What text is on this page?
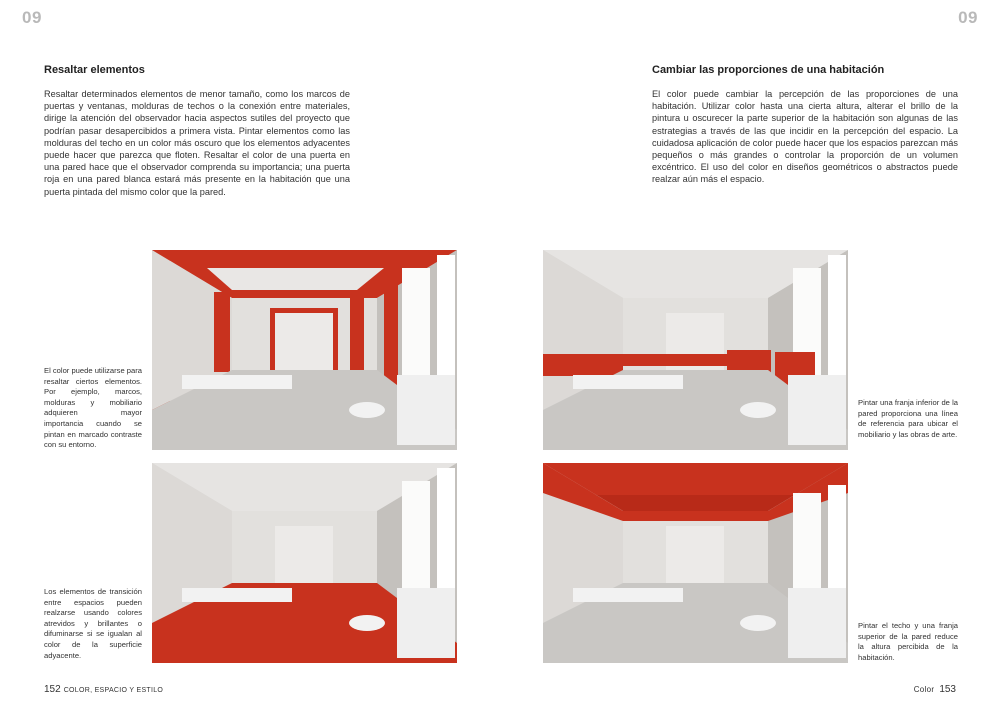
09	09
Resaltar elementos
Resaltar determinados elementos de menor tamaño, como los marcos de puertas y ventanas, molduras de techos o la conexión entre materiales, dirige la atención del observador hacia aspectos sutiles del proyecto que podrían pasar desapercibidos a primera vista. Pintar elementos como las molduras del techo en un color más oscuro que los elementos adyacentes puede hacer que parezca que floten. Resaltar el color de una puerta en una pared hace que el observador comprenda su importancia; una puerta roja en una pared blanca estará más presente en la habitación que una puerta pintada del mismo color que la pared.
Cambiar las proporciones de una habitación
El color puede cambiar la percepción de las proporciones de una habitación. Utilizar color hasta una cierta altura, alterar el brillo de la pintura u oscurecer la parte superior de la habitación son algunas de las estrategias a través de las que incidir en la percepción del espacio. La cuidadosa aplicación de color puede hacer que los espacios parezcan más pequeños o más grandes o controlar la proporción de un volumen excéntrico. El uso del color en diseños geométricos o abstractos puede realzar aún más el espacio.
El color puede utilizarse para resaltar ciertos elementos. Por ejemplo, marcos, molduras y mobiliario adquieren mayor importancia cuando se pintan en marcado contraste con su entorno.
Los elementos de transición entre espacios pueden realzarse usando colores atrevidos y brillantes o difuminarse si se igualan al color de la superficie adyacente.
Pintar una franja inferior de la pared proporciona una línea de referencia para ubicar el mobiliario y las obras de arte.
Pintar el techo y una franja superior de la pared reduce la altura percibida de la habitación.
152 COLOR, ESPACIO Y ESTILO	Color 153
